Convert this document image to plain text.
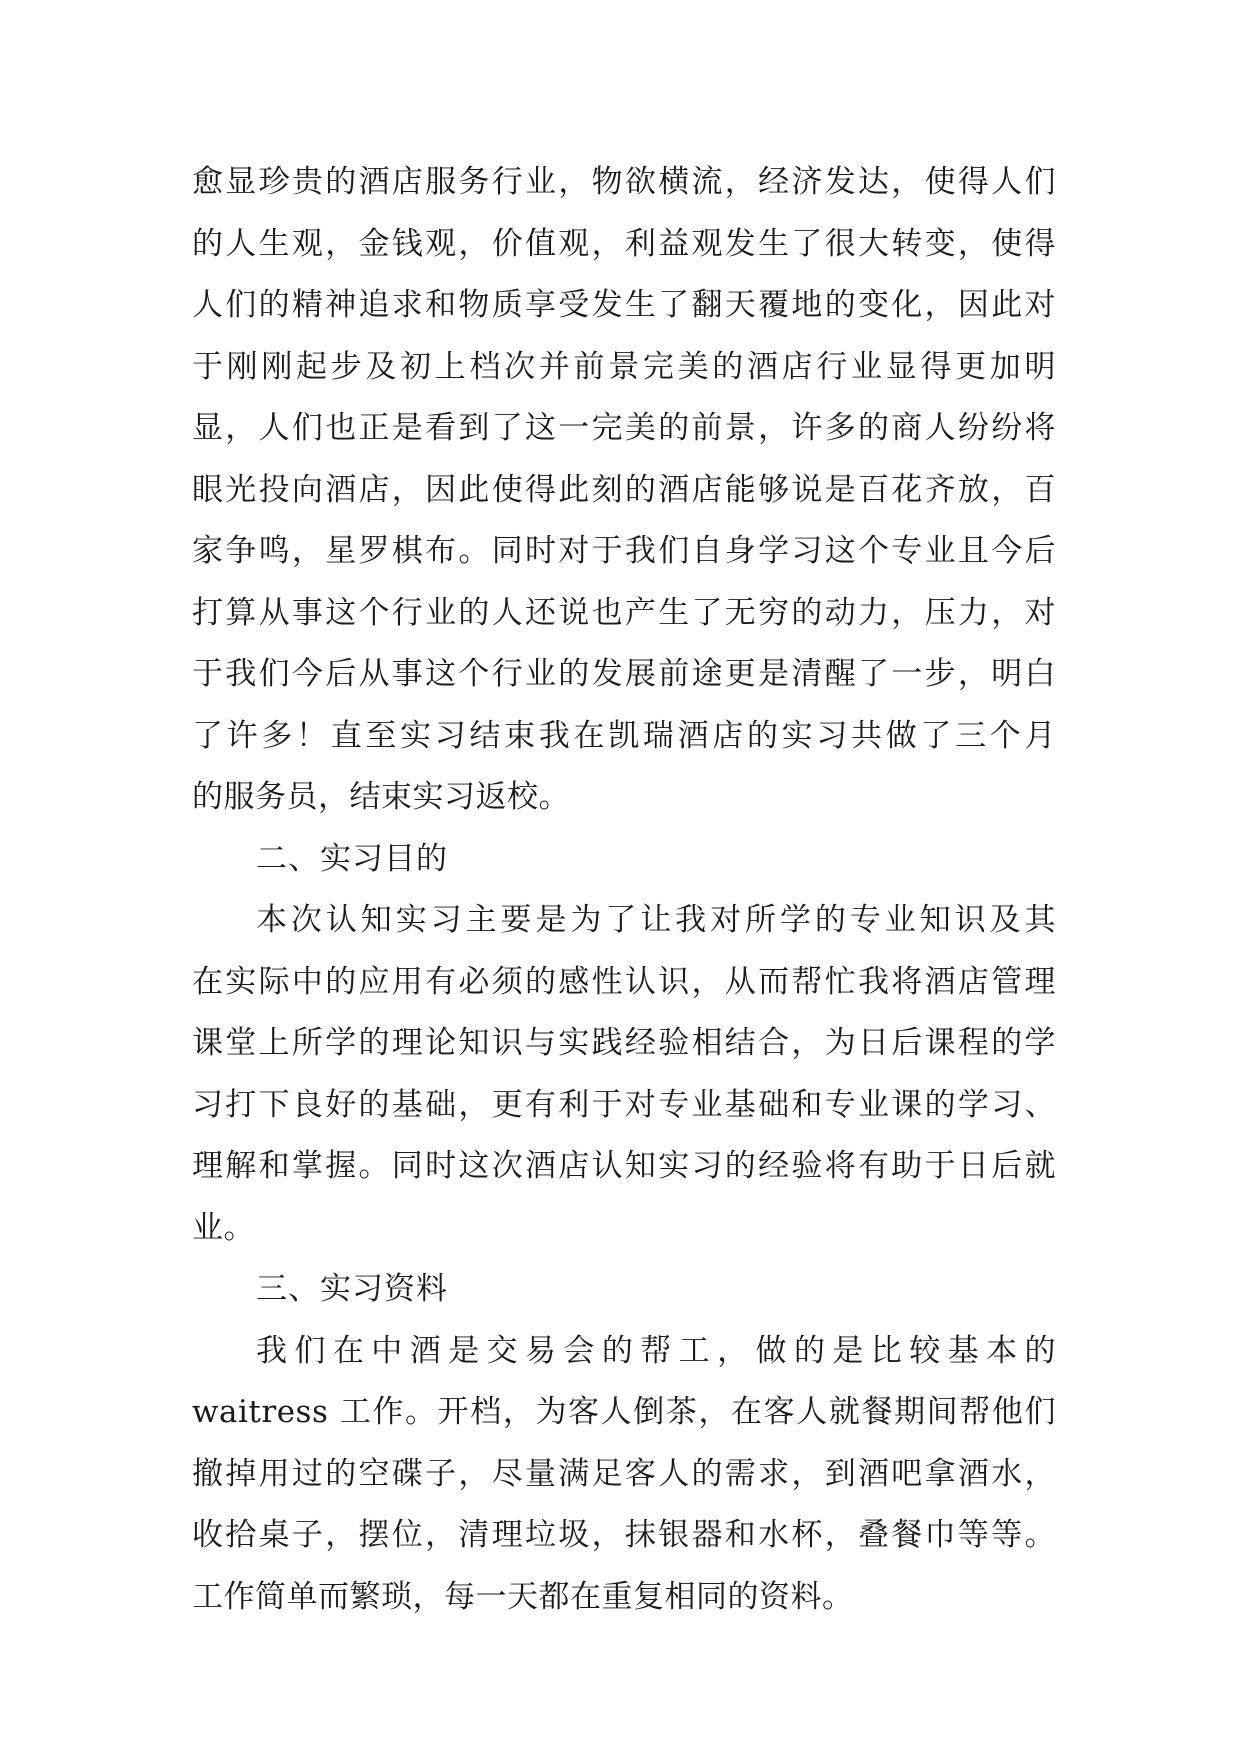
愈显珍贵的酒店服务行业，物欲横流，经济发达，使得人们
的人生观，金钱观，价值观，利益观发生了很大转变，使得
人们的精神追求和物质享受发生了翻天覆地的变化，因此对
于刚刚起步及初上档次并前景完美的酒店行业显得更加明
显，人们也正是看到了这一完美的前景，许多的商人纷纷将
眼光投向酒店，因此使得此刻的酒店能够说是百花齐放，百
家争鸣，星罗棋布。同时对于我们自身学习这个专业且今后
打算从事这个行业的人还说也产生了无穷的动力，压力，对
于我们今后从事这个行业的发展前途更是清醒了一步，明白
了许多！直至实习结束我在凯瑞酒店的实习共做了三个月
的服务员，结束实习返校。
二、实习目的
本次认知实习主要是为了让我对所学的专业知识及其
在实际中的应用有必须的感性认识，从而帮忙我将酒店管理
课堂上所学的理论知识与实践经验相结合，为日后课程的学
习打下良好的基础，更有利于对专业基础和专业课的学习、
理解和掌握。同时这次酒店认知实习的经验将有助于日后就
业。
三、实习资料
我们在中酒是交易会的帮工，做的是比较基本的
waitress 工作。开档，为客人倒茶，在客人就餐期间帮他们
撤掉用过的空碟子，尽量满足客人的需求，到酒吧拿酒水，
收拾桌子，摆位，清理垃圾，抹银器和水杯，叠餐巾等等。
工作简单而繁琐，每一天都在重复相同的资料。
